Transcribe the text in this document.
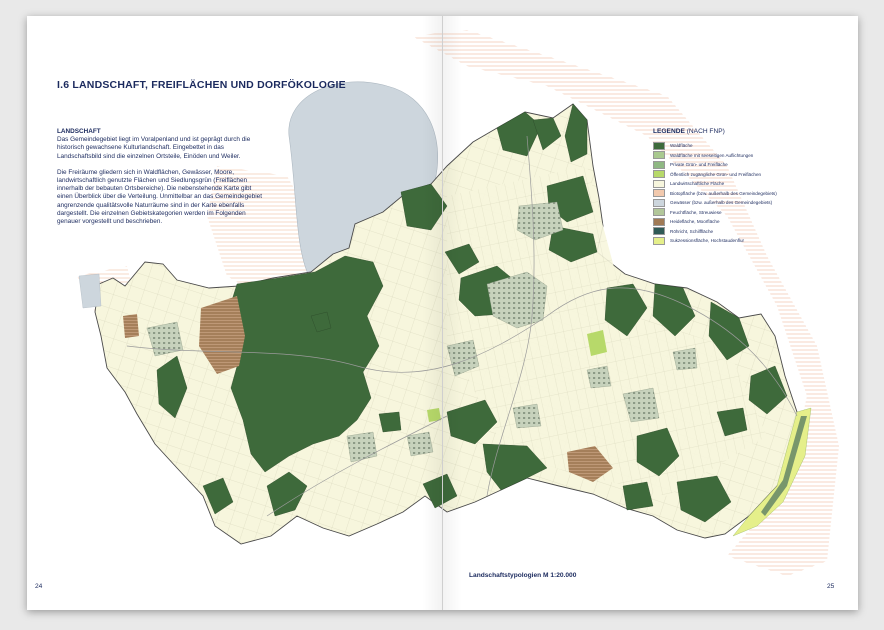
I.6 LANDSCHAFT, FREIFLÄCHEN UND DORFÖKOLOGIE
LANDSCHAFT

Das Gemeindegebiet liegt im Voralpenland und ist geprägt durch die historisch gewachsene Kulturlandschaft. Eingebettet in das Landschaftsbild sind die einzelnen Ortsteile, Einöden und Weiler.

Die Freiräume gliedern sich in Waldflächen, Gewässer, Moore, landwirtschaftlich genutzte Flächen und Siedlungsgrün (Freiflächen innerhalb der bebauten Ortsbereiche). Die nebenstehende Karte gibt einen Überblick über die Verteilung. Unmittelbar an das Gemeindegebiet angrenzende qualitätsvolle Naturräume sind in der Karte ebenfalls dargestellt. Die einzelnen Gebietskategorien werden im Folgenden genauer vorgestellt und beschrieben.

LEGENDE (NACH FNP)
Waldfläche
Waldfläche mit seeseitigen Auflichtungen
Private Grün- und Freifläche
Öffentlich zugängliche Grün- und Freiflächen
Landwirtschaftliche Fläche
Biotopfläche (bzw. außerhalb des Gemeindegebiets)
Gewässer (bzw. außerhalb des Gemeindegebiets)
Feuchtfläche, Streuwiese
Heidefläche, Moorfläche
Röhricht, Schilffläche
Sukzessionsfläche, Hochstaudenflur
Landschaftstypologien M 1:20.000
24	25
